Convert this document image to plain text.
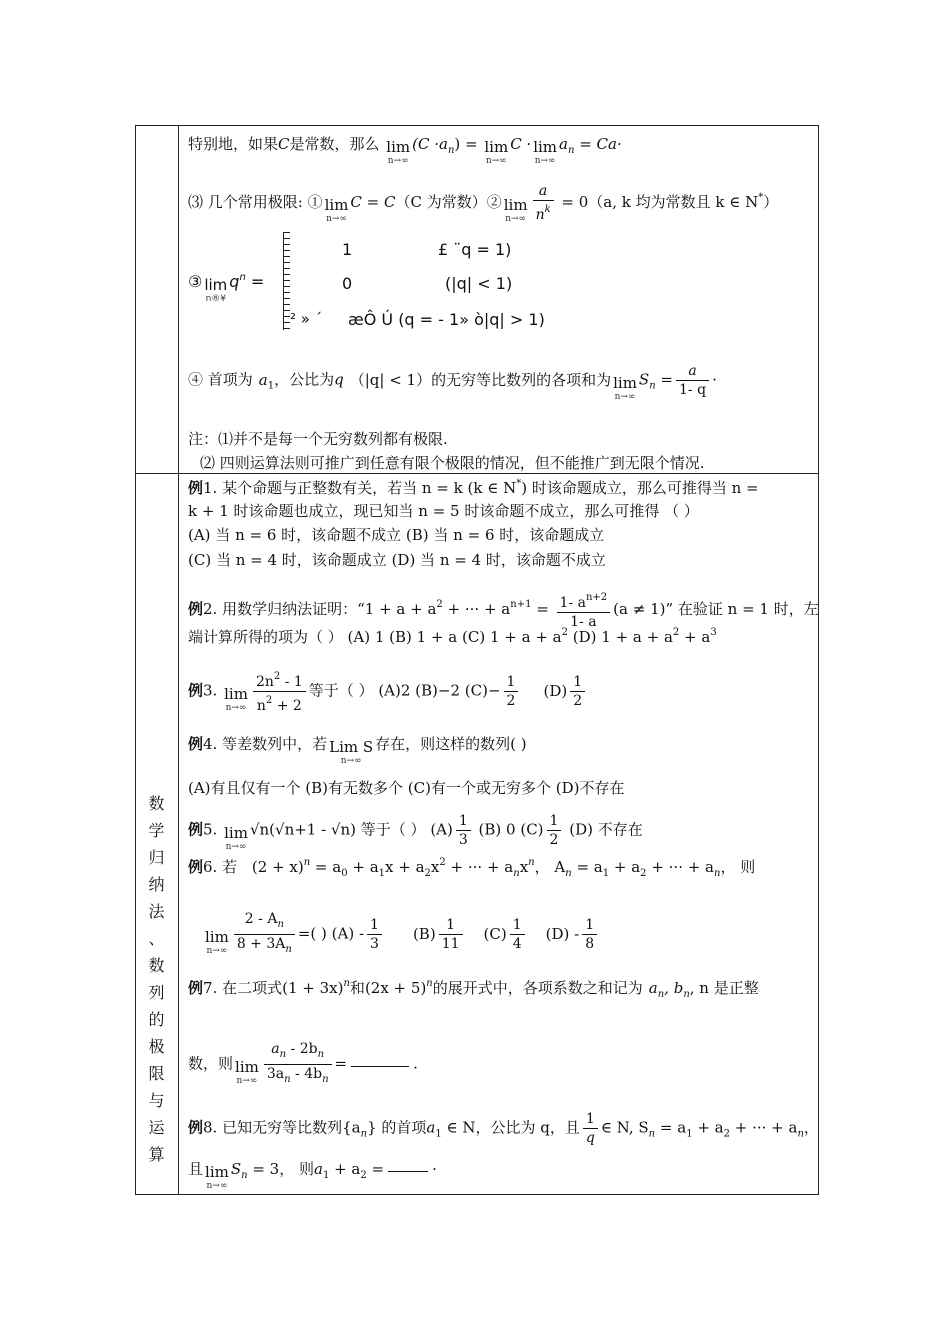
数
学
归
纳
法
、
数
列
的
极
限
与
运
算
特别地，如果C是常数，那么 lim
n→∞
$(C \cdot a_n) = \lim$
n→∞
C · lim
n→∞
$a_n = Ca\cdot$
⑶ 几个常用极限: ① lim
n→∞
C = C（C 为常数）② lim
$n\to\infty \frac{a}{n^k} = 0(a$, k 均为常数且 k ∈ N*）
③ lim
n®¥
$q^n$ =
1	£ ¨q = 1)
0	(|q| < 1)
² » ´ æÔ Ú (q = - 1» ò|q| > 1)
④ 首项为 $a_1$，公比为q （|q| < 1）的无穷等比数列的各项和为 lim
n→∞
$S_n = \frac{a}{1- q}$ ·
注：⑴并不是每一个无穷数列都有极限.
⑵ 四则运算法则可推广到任意有限个极限的情况，但不能推广到无限个情况.
例1. 某个命题与正整数有关，若当 n = k (k ∈ N*) 时该命题成立，那么可推得当 n =
k + 1 时该命题也成立，现已知当 n = 5 时该命题不成立，那么可推得 （ ）
(A) 当 n = 6 时，该命题不成立 (B) 当 n = 6 时，该命题成立
(C) 当 n = 4 时，该命题成立 (D) 当 n = 4 时，该命题不成立
例2. 用数学归纳法证明：“$1 + a + a^2$ + ··· + $a^{n+1} = \frac{1- a^{n+2}}{1- a} (a \ne 1)$” 在验证 n = 1 时，左
端计算所得的项为（ ） (A) 1 (B) 1 + a (C) $1 + a + a^2$ (D) $1 + a + a^2 + a^3$
例3. lim
$n\to\infty \frac{2n^2 - 1}{n^2 + 2}$ 等于（ ） (A)2 (B)−2 $(C)- \frac{1}{2} (D) \frac{1}{2}$
例4. 等差数列中，若 Lim S
n→∞
存在，则这样的数列( )
(A)有且仅有一个 (B)有无数多个 (C)有一个或无穷多个 (D)不存在
例5. lim
n→∞
√n(√n+1 - √n) 等于（ ） $(A) \frac{1}{3} (B)$ 0 $(C) \frac{1}{2} (D)$ 不存在
例6. 若 $(2 + x)^n = a_0 + a_1x + a_2x^2$ + ··· + $a_nx^n$， $A_n = a_1 + a_2$ + ··· + $a_n$， 则
lim
$n\to\infty \frac{2 - A_n}{8 + 3A_n}$ =( ) $(A) - \frac{1}{3} (B) \frac{1}{11} (C) \frac{1}{4} (D) - \frac{1}{8}$
例7. 在二项式$(1 + 3x)^n$和$(2x + 5)^n$的展开式中，各项系数之和记为 $a_n$, $b_n$, n 是正整
数，则 lim
$n\to\infty \frac{a_n - 2b_n}{3a_n - 4b_n}$ =	.
例8. 已知无穷等比数列$\{a_n\}$ 的首项$a_1$ ∈ N，公比为 q，且 $\frac{1}{q}$ ∈ N, $S_n = a_1 + a_2$ + ··· + $a_n$，
且 lim
n→∞
$S_n = 3$， 则$a_1 + a_2$ =	·
